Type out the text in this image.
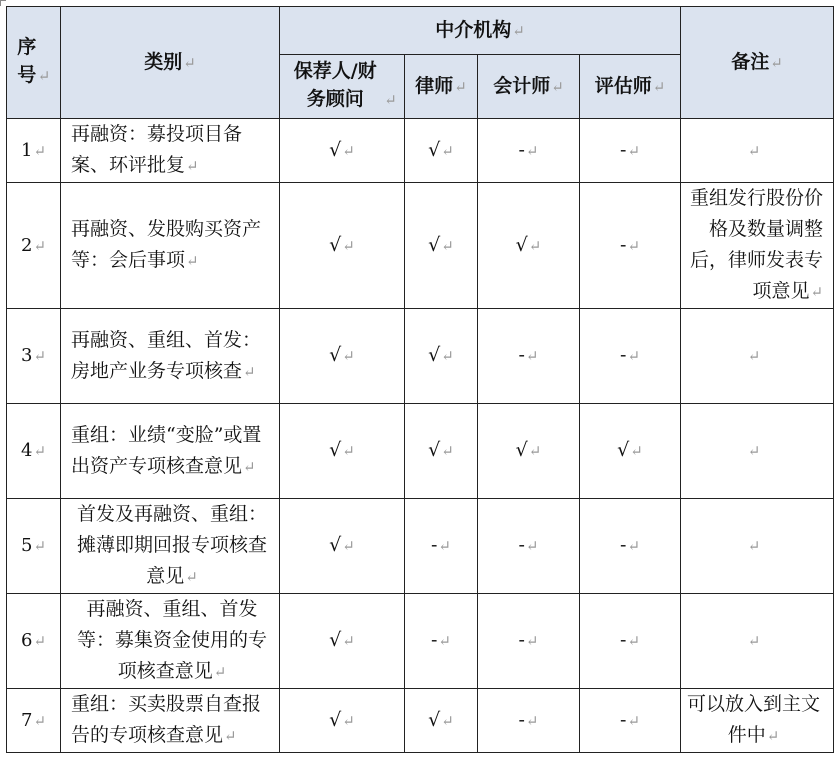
序号 ↵	类别↵	中介机构↵				备注↵
		保荐人/财务顾问 ↵	律师↵	会计师↵	评估师↵	
1↵	再融资：募投项目备案、环评批复↵	√↵	√↵	-↵	-↵	↵
2↵	再融资、发股购买资产等：会后事项↵	√↵	√↵	√↵	-↵	重组发行股份价格及数量调整后，律师发表专项意见↵
3↵	再融资、重组、首发：房地产业务专项核查↵	√↵	√↵	-↵	-↵	↵
4↵	重组：业绩“变脸”或置出资产专项核查意见↵	√↵	√↵	√↵	√↵	↵
5↵	首发及再融资、重组：摊薄即期回报专项核查意见↵	√↵	-↵	-↵	-↵	↵
6↵	再融资、重组、首发等：募集资金使用的专项核查意见↵	√↵	-↵	-↵	-↵	↵
7↵	重组：买卖股票自查报告的专项核查意见↵	√↵	√↵	-↵	-↵	可以放入到主文件中↵
